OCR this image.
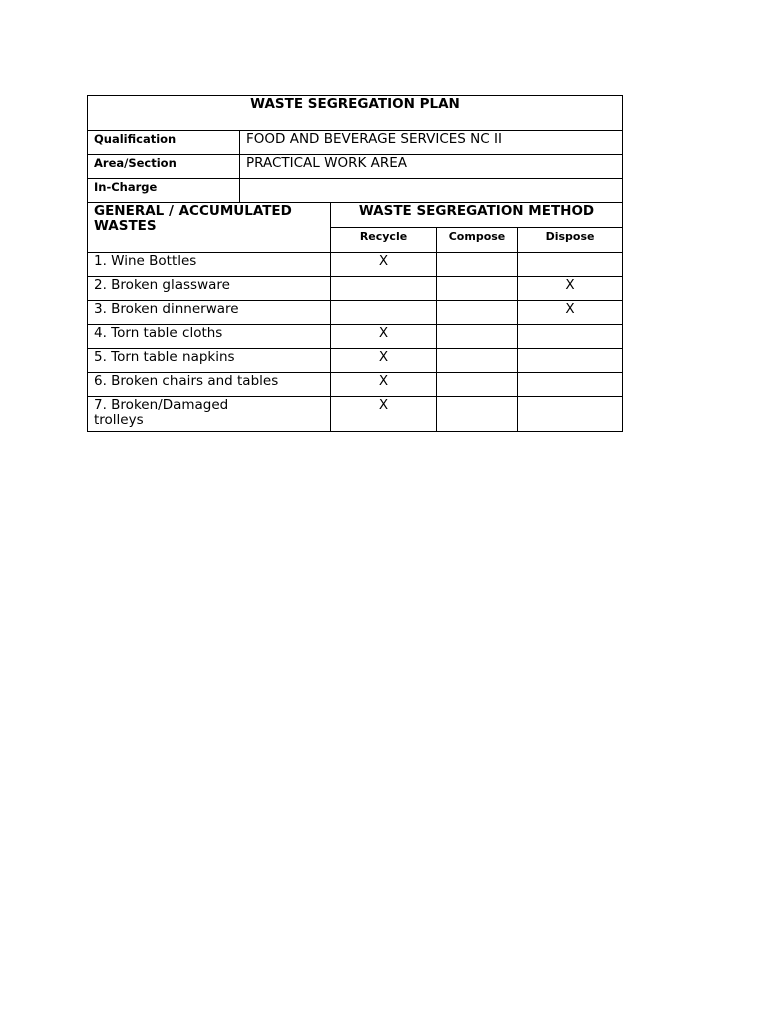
WASTE SEGREGATION PLAN				
Qualification	FOOD AND BEVERAGE SERVICES NC II			
Area/Section	PRACTICAL WORK AREA			
In-Charge				
GENERAL / ACCUMULATED WASTES		WASTE SEGREGATION METHOD		
		Recycle	Compose	Dispose
1. Wine Bottles		X		
2. Broken glassware				X
3. Broken dinnerware				X
4. Torn table cloths		X		
5. Torn table napkins		X		
6. Broken chairs and tables		X		
7. Broken/Damaged trolleys		X		
